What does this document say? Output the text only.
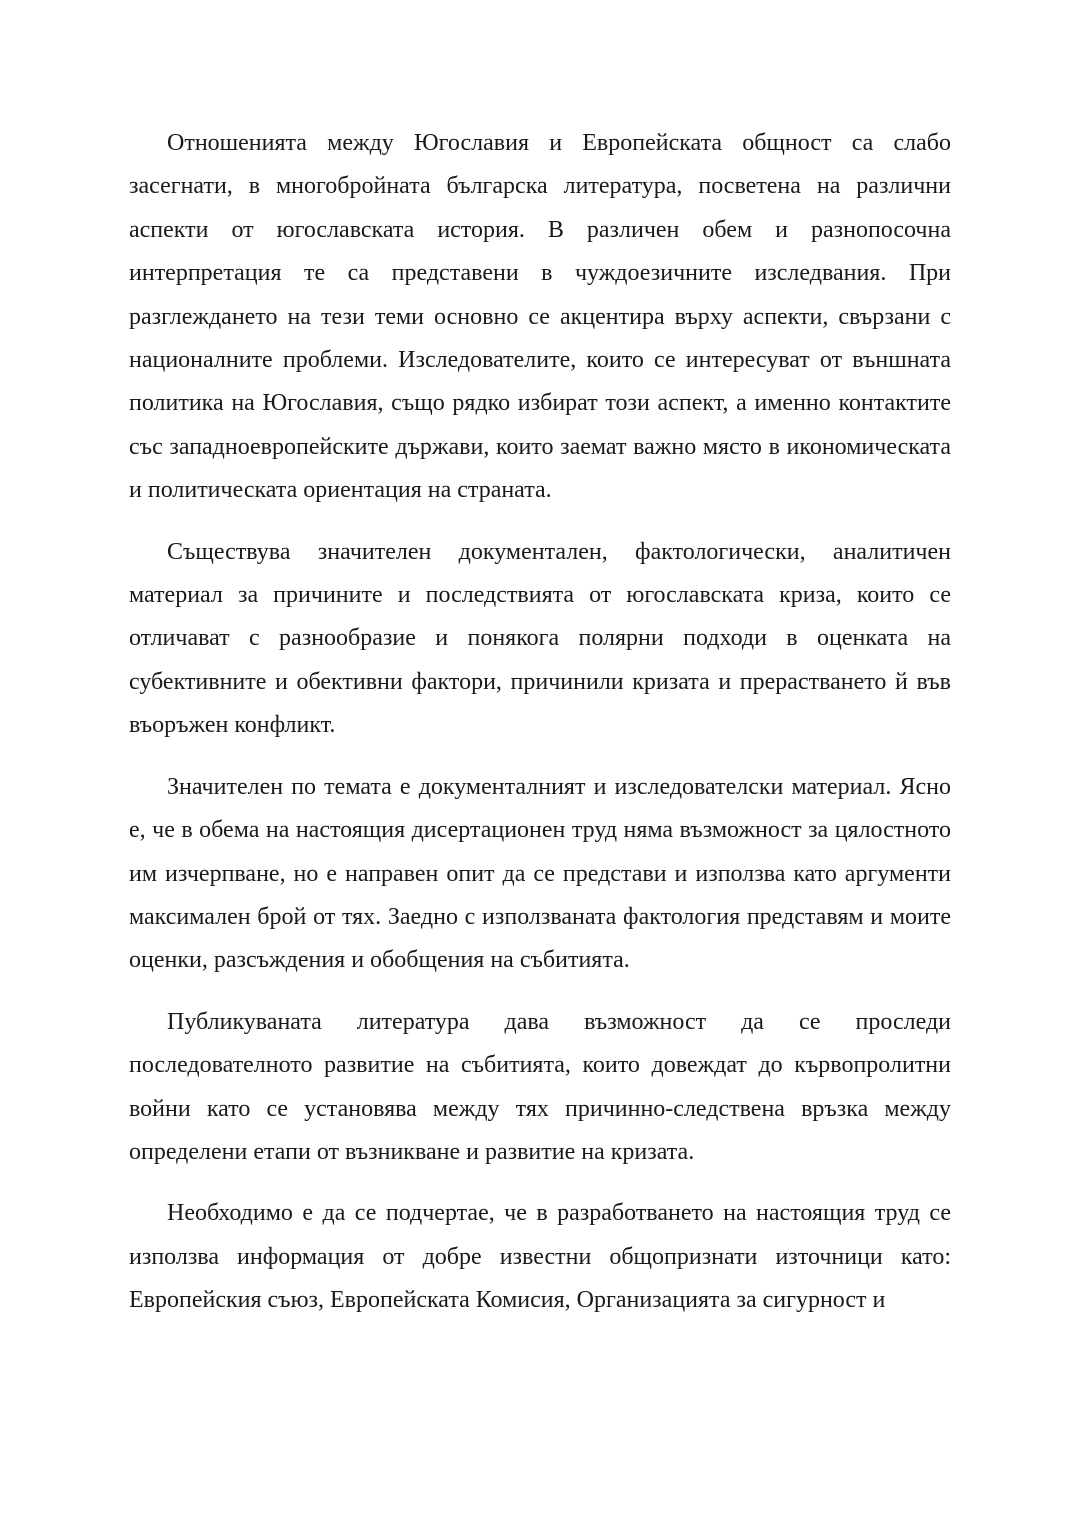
Отношенията между Югославия и Европейската общност са слабо засегнати, в многобройната българска литература, посветена на различни аспекти от югославската история. В различен обем и разнопосочна интерпретация те са представени в чуждоезичните изследвания. При разглеждането на тези теми основно се акцентира върху аспекти, свързани с националните проблеми. Изследователите, които се интересуват от външната политика на Югославия, също рядко избират този аспект, а именно контактите със западноевропейските държави, които заемат важно място в икономическата и политическата ориентация на страната.

Съществува значителен документален, фактологически, аналитичен материал за причините и последствията от югославската криза, които се отличават с разнообразие и понякога полярни подходи в оценката на субективните и обективни фактори, причинили кризата и прерастването й във въоръжен конфликт.

Значителен по темата е документалният и изследователски материал. Ясно е, че в обема на настоящия дисертационен труд няма възможност за цялостното им изчерпване, но е направен опит да се представи и използва като аргументи максимален брой от тях. Заедно с използваната фактология представям и моите оценки, разсъждения и обобщения на събитията.

Публикуваната литература дава възможност да се проследи последователното развитие на събитията, които довеждат до кървопролитни войни като се установява между тях причинно-следствена връзка между определени етапи от възникване и развитие на кризата.

Необходимо е да се подчертае, че в разработването на настоящия труд се използва информация от добре известни общопризнати източници като: Европейския съюз, Европейската Комисия, Организацията за сигурност и
